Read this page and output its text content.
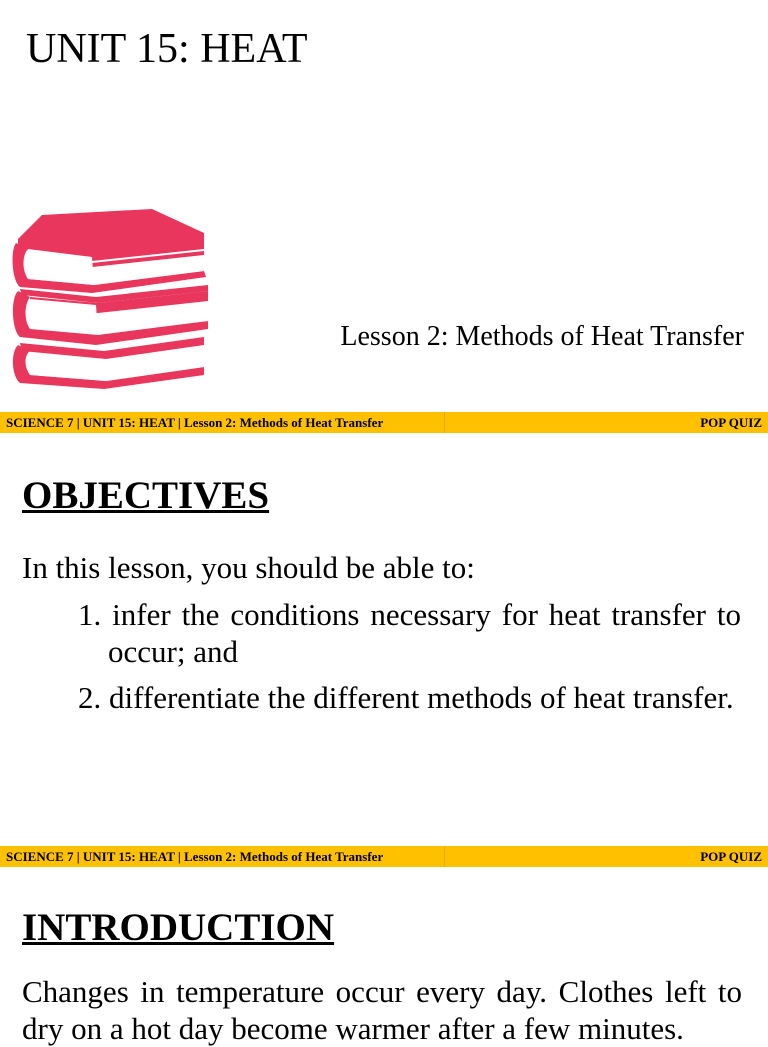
UNIT 15: HEAT
Lesson 2: Methods of Heat Transfer
SCIENCE 7 | UNIT 15: HEAT | Lesson 2: Methods of Heat Transfer	POP QUIZ
OBJECTIVES
In this lesson, you should be able to:
1. infer the conditions necessary for heat transfer to occur; and
2. differentiate the different methods of heat transfer.
SCIENCE 7 | UNIT 15: HEAT | Lesson 2: Methods of Heat Transfer	POP QUIZ
INTRODUCTION

Changes in temperature occur every day. Clothes left to dry on a hot day become warmer after a few minutes.
